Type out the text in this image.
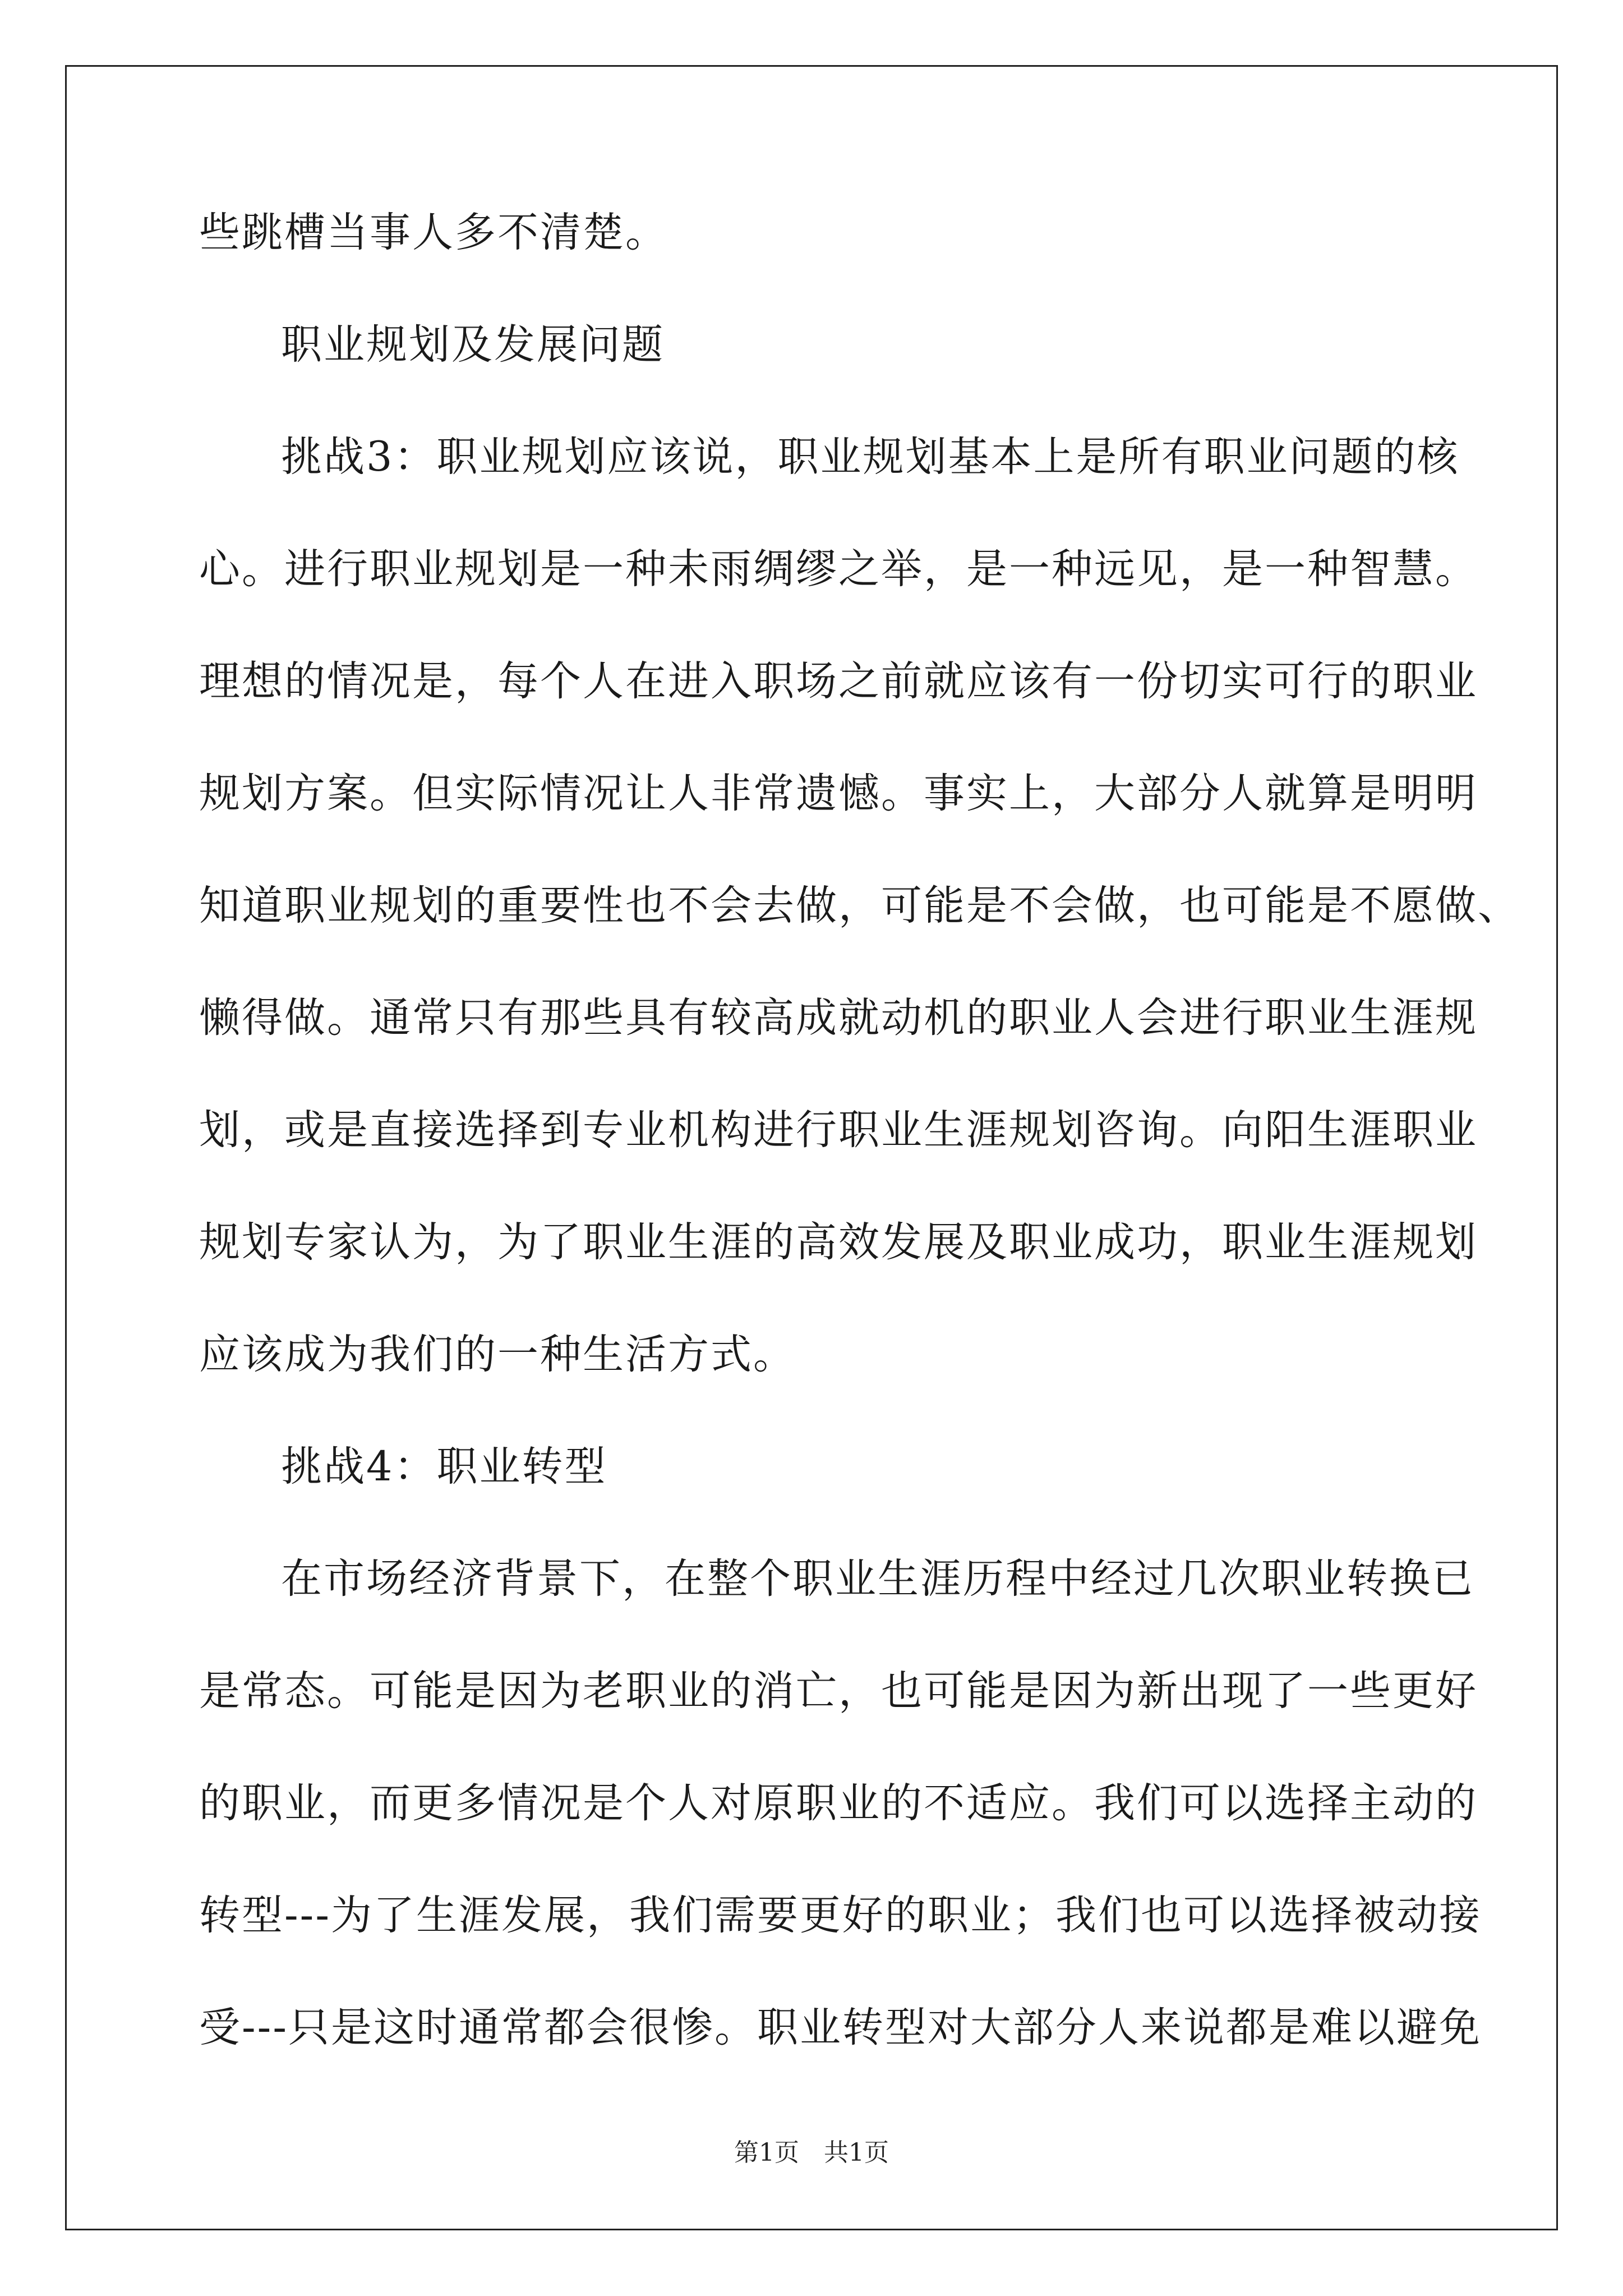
些跳槽当事人多不清楚。
职业规划及发展问题
挑战3：职业规划应该说，职业规划基本上是所有职业问题的核
心。进行职业规划是一种未雨绸缪之举，是一种远见，是一种智慧。
理想的情况是，每个人在进入职场之前就应该有一份切实可行的职业
规划方案。但实际情况让人非常遗憾。事实上，大部分人就算是明明
知道职业规划的重要性也不会去做，可能是不会做，也可能是不愿做、
懒得做。通常只有那些具有较高成就动机的职业人会进行职业生涯规
划，或是直接选择到专业机构进行职业生涯规划咨询。向阳生涯职业
规划专家认为，为了职业生涯的高效发展及职业成功，职业生涯规划
应该成为我们的一种生活方式。
挑战4：职业转型
在市场经济背景下，在整个职业生涯历程中经过几次职业转换已
是常态。可能是因为老职业的消亡，也可能是因为新出现了一些更好
的职业，而更多情况是个人对原职业的不适应。我们可以选择主动的
转型---为了生涯发展，我们需要更好的职业；我们也可以选择被动接
受---只是这时通常都会很惨。职业转型对大部分人来说都是难以避免
第1页　共1页
